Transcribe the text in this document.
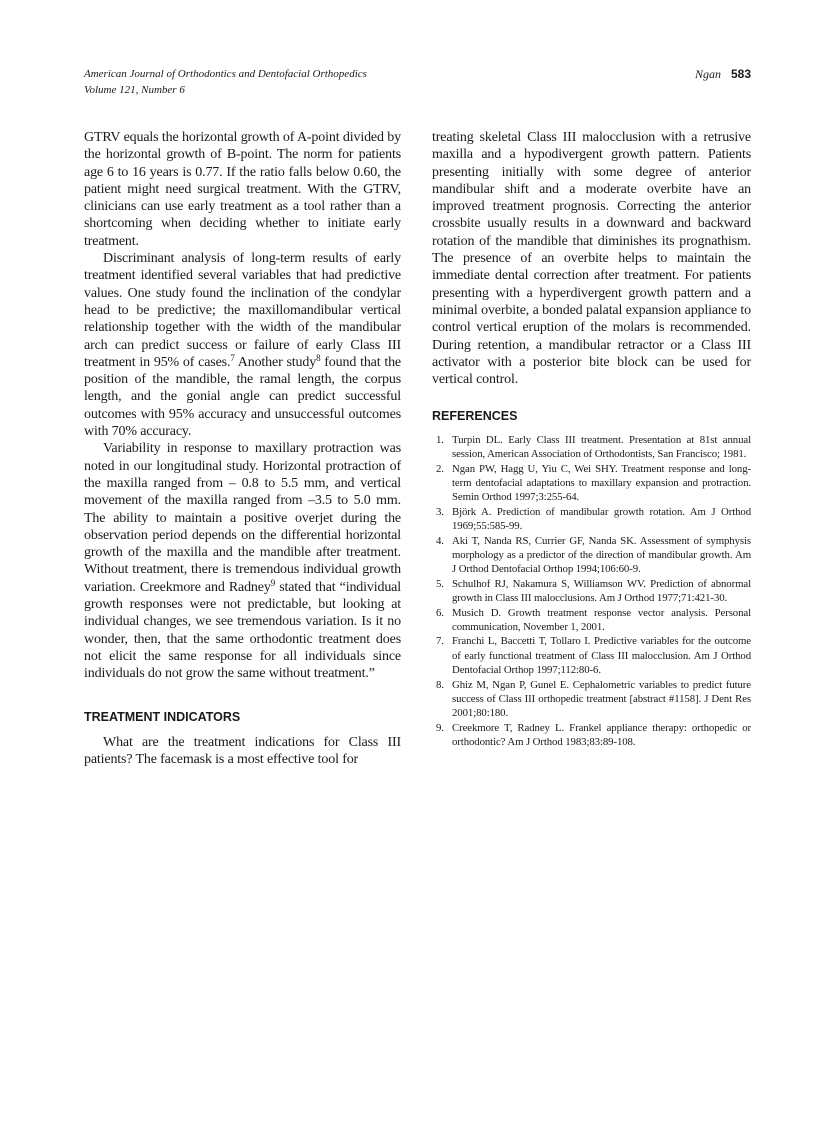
American Journal of Orthodontics and Dentofacial Orthopedics
Volume 121, Number 6
Ngan 583

GTRV equals the horizontal growth of A-point divided by the horizontal growth of B-point. The norm for patients age 6 to 16 years is 0.77. If the ratio falls below 0.60, the patient might need surgical treatment. With the GTRV, clinicians can use early treatment as a tool rather than a shortcoming when deciding whether to initiate early treatment.

Discriminant analysis of long-term results of early treatment identified several variables that had predictive values. One study found the inclination of the condylar head to be predictive; the maxillomandibular vertical relationship together with the width of the mandibular arch can predict success or failure of early Class III treatment in 95% of cases.$^7$ Another study$^8$ found that the position of the mandible, the ramal length, the corpus length, and the gonial angle can predict successful outcomes with 95% accuracy and unsuccessful outcomes with 70% accuracy.

Variability in response to maxillary protraction was noted in our longitudinal study. Horizontal protraction of the maxilla ranged from – 0.8 to 5.5 mm, and vertical movement of the maxilla ranged from –3.5 to 5.0 mm. The ability to maintain a positive overjet during the observation period depends on the differential horizontal growth of the maxilla and the mandible after treatment. Without treatment, there is tremendous individual growth variation. Creekmore and Radney$^9$ stated that “individual growth responses were not predictable, but looking at individual changes, we see tremendous variation. Is it no wonder, then, that the same orthodontic treatment does not elicit the same response for all individuals since individuals do not grow the same without treatment.”

TREATMENT INDICATORS

What are the treatment indications for Class III patients? The facemask is a most effective tool for

treating skeletal Class III malocclusion with a retrusive maxilla and a hypodivergent growth pattern. Patients presenting initially with some degree of anterior mandibular shift and a moderate overbite have an improved treatment prognosis. Correcting the anterior crossbite usually results in a downward and backward rotation of the mandible that diminishes its prognathism. The presence of an overbite helps to maintain the immediate dental correction after treatment. For patients presenting with a hyperdivergent growth pattern and a minimal overbite, a bonded palatal expansion appliance to control vertical eruption of the molars is recommended. During retention, a mandibular retractor or a Class III activator with a posterior bite block can be used for vertical control.

REFERENCES
1. Turpin DL. Early Class III treatment. Presentation at 81st annual session, American Association of Orthodontists, San Francisco; 1981.
2. Ngan PW, Hagg U, Yiu C, Wei SHY. Treatment response and long-term dentofacial adaptations to maxillary expansion and protraction. Semin Orthod 1997;3:255-64.
3. Björk A. Prediction of mandibular growth rotation. Am J Orthod 1969;55:585-99.
4. Aki T, Nanda RS, Currier GF, Nanda SK. Assessment of symphysis morphology as a predictor of the direction of mandibular growth. Am J Orthod Dentofacial Orthop 1994;106:60-9.
5. Schulhof RJ, Nakamura S, Williamson WV. Prediction of abnormal growth in Class III malocclusions. Am J Orthod 1977;71:421-30.
6. Musich D. Growth treatment response vector analysis. Personal communication, November 1, 2001.
7. Franchi L, Baccetti T, Tollaro I. Predictive variables for the outcome of early functional treatment of Class III malocclusion. Am J Orthod Dentofacial Orthop 1997;112:80-6.
8. Ghiz M, Ngan P, Gunel E. Cephalometric variables to predict future success of Class III orthopedic treatment [abstract #1158]. J Dent Res 2001;80:180.
9. Creekmore T, Radney L. Frankel appliance therapy: orthopedic or orthodontic? Am J Orthod 1983;83:89-108.
